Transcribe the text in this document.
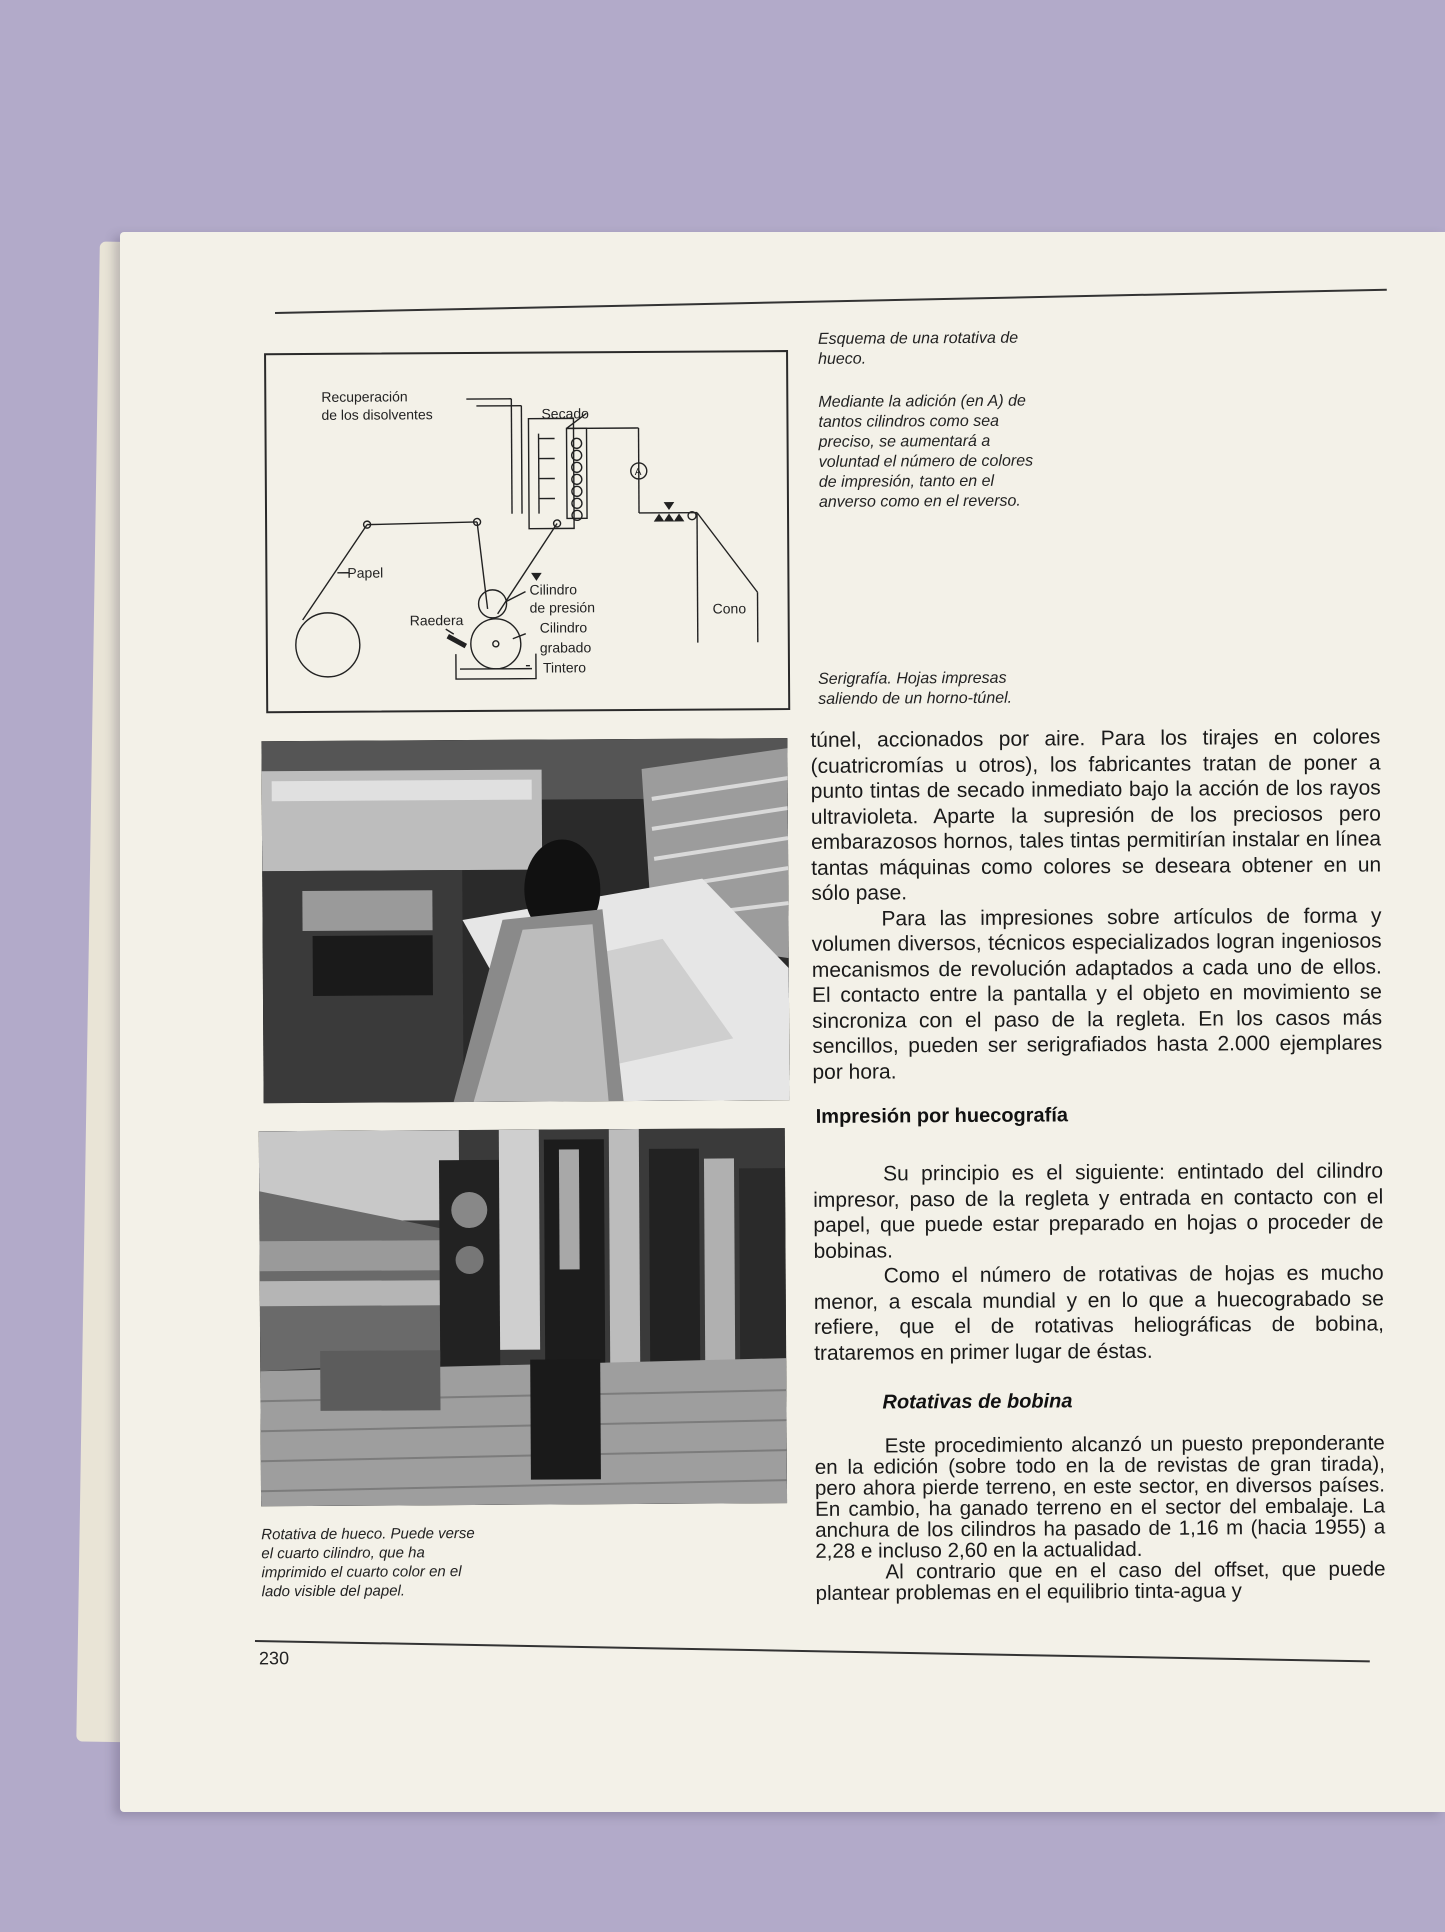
Recuperación
de los disolventes	Secado
A
Papel
Cilindro
de presión
Raedera	Cilindro
grabado
Tintero
Cono
Esquema de una rotativa de hueco.
Mediante la adición (en A) de tantos cilindros como sea preciso, se aumentará a voluntad el número de colores de impresión, tanto en el anverso como en el reverso.
Serigrafía. Hojas impresas saliendo de un horno-túnel.
Rotativa de hueco. Puede verse el cuarto cilindro, que ha imprimido el cuarto color en el lado visible del papel.

túnel, accionados por aire. Para los tirajes en colores (cuatricromías u otros), los fabricantes tratan de poner a punto tintas de secado inmediato bajo la acción de los rayos ultravioleta. Aparte la supresión de los preciosos pero embarazosos hornos, tales tintas permitirían instalar en línea tantas máquinas como colores se deseara obtener en un sólo pase.

Para las impresiones sobre artículos de forma y volumen diversos, técnicos especializados logran ingeniosos mecanismos de revolución adaptados a cada uno de ellos. El contacto entre la pantalla y el objeto en movimiento se sincroniza con el paso de la regleta. En los casos más sencillos, pueden ser serigrafiados hasta 2.000 ejemplares por hora.

Impresión por huecografía

Su principio es el siguiente: entintado del cilindro impresor, paso de la regleta y entrada en contacto con el papel, que puede estar preparado en hojas o proceder de bobinas.

Como el número de rotativas de hojas es mucho menor, a escala mundial y en lo que a huecograbado se refiere, que el de rotativas heliográficas de bobina, trataremos en primer lugar de éstas.

Rotativas de bobina

Este procedimiento alcanzó un puesto preponderante en la edición (sobre todo en la de revistas de gran tirada), pero ahora pierde terreno, en este sector, en diversos países. En cambio, ha ganado terreno en el sector del embalaje. La anchura de los cilindros ha pasado de 1,16 m (hacia 1955) a 2,28 e incluso 2,60 en la actualidad.

Al contrario que en el caso del offset, que puede plantear problemas en el equilibrio tinta-agua y

230
